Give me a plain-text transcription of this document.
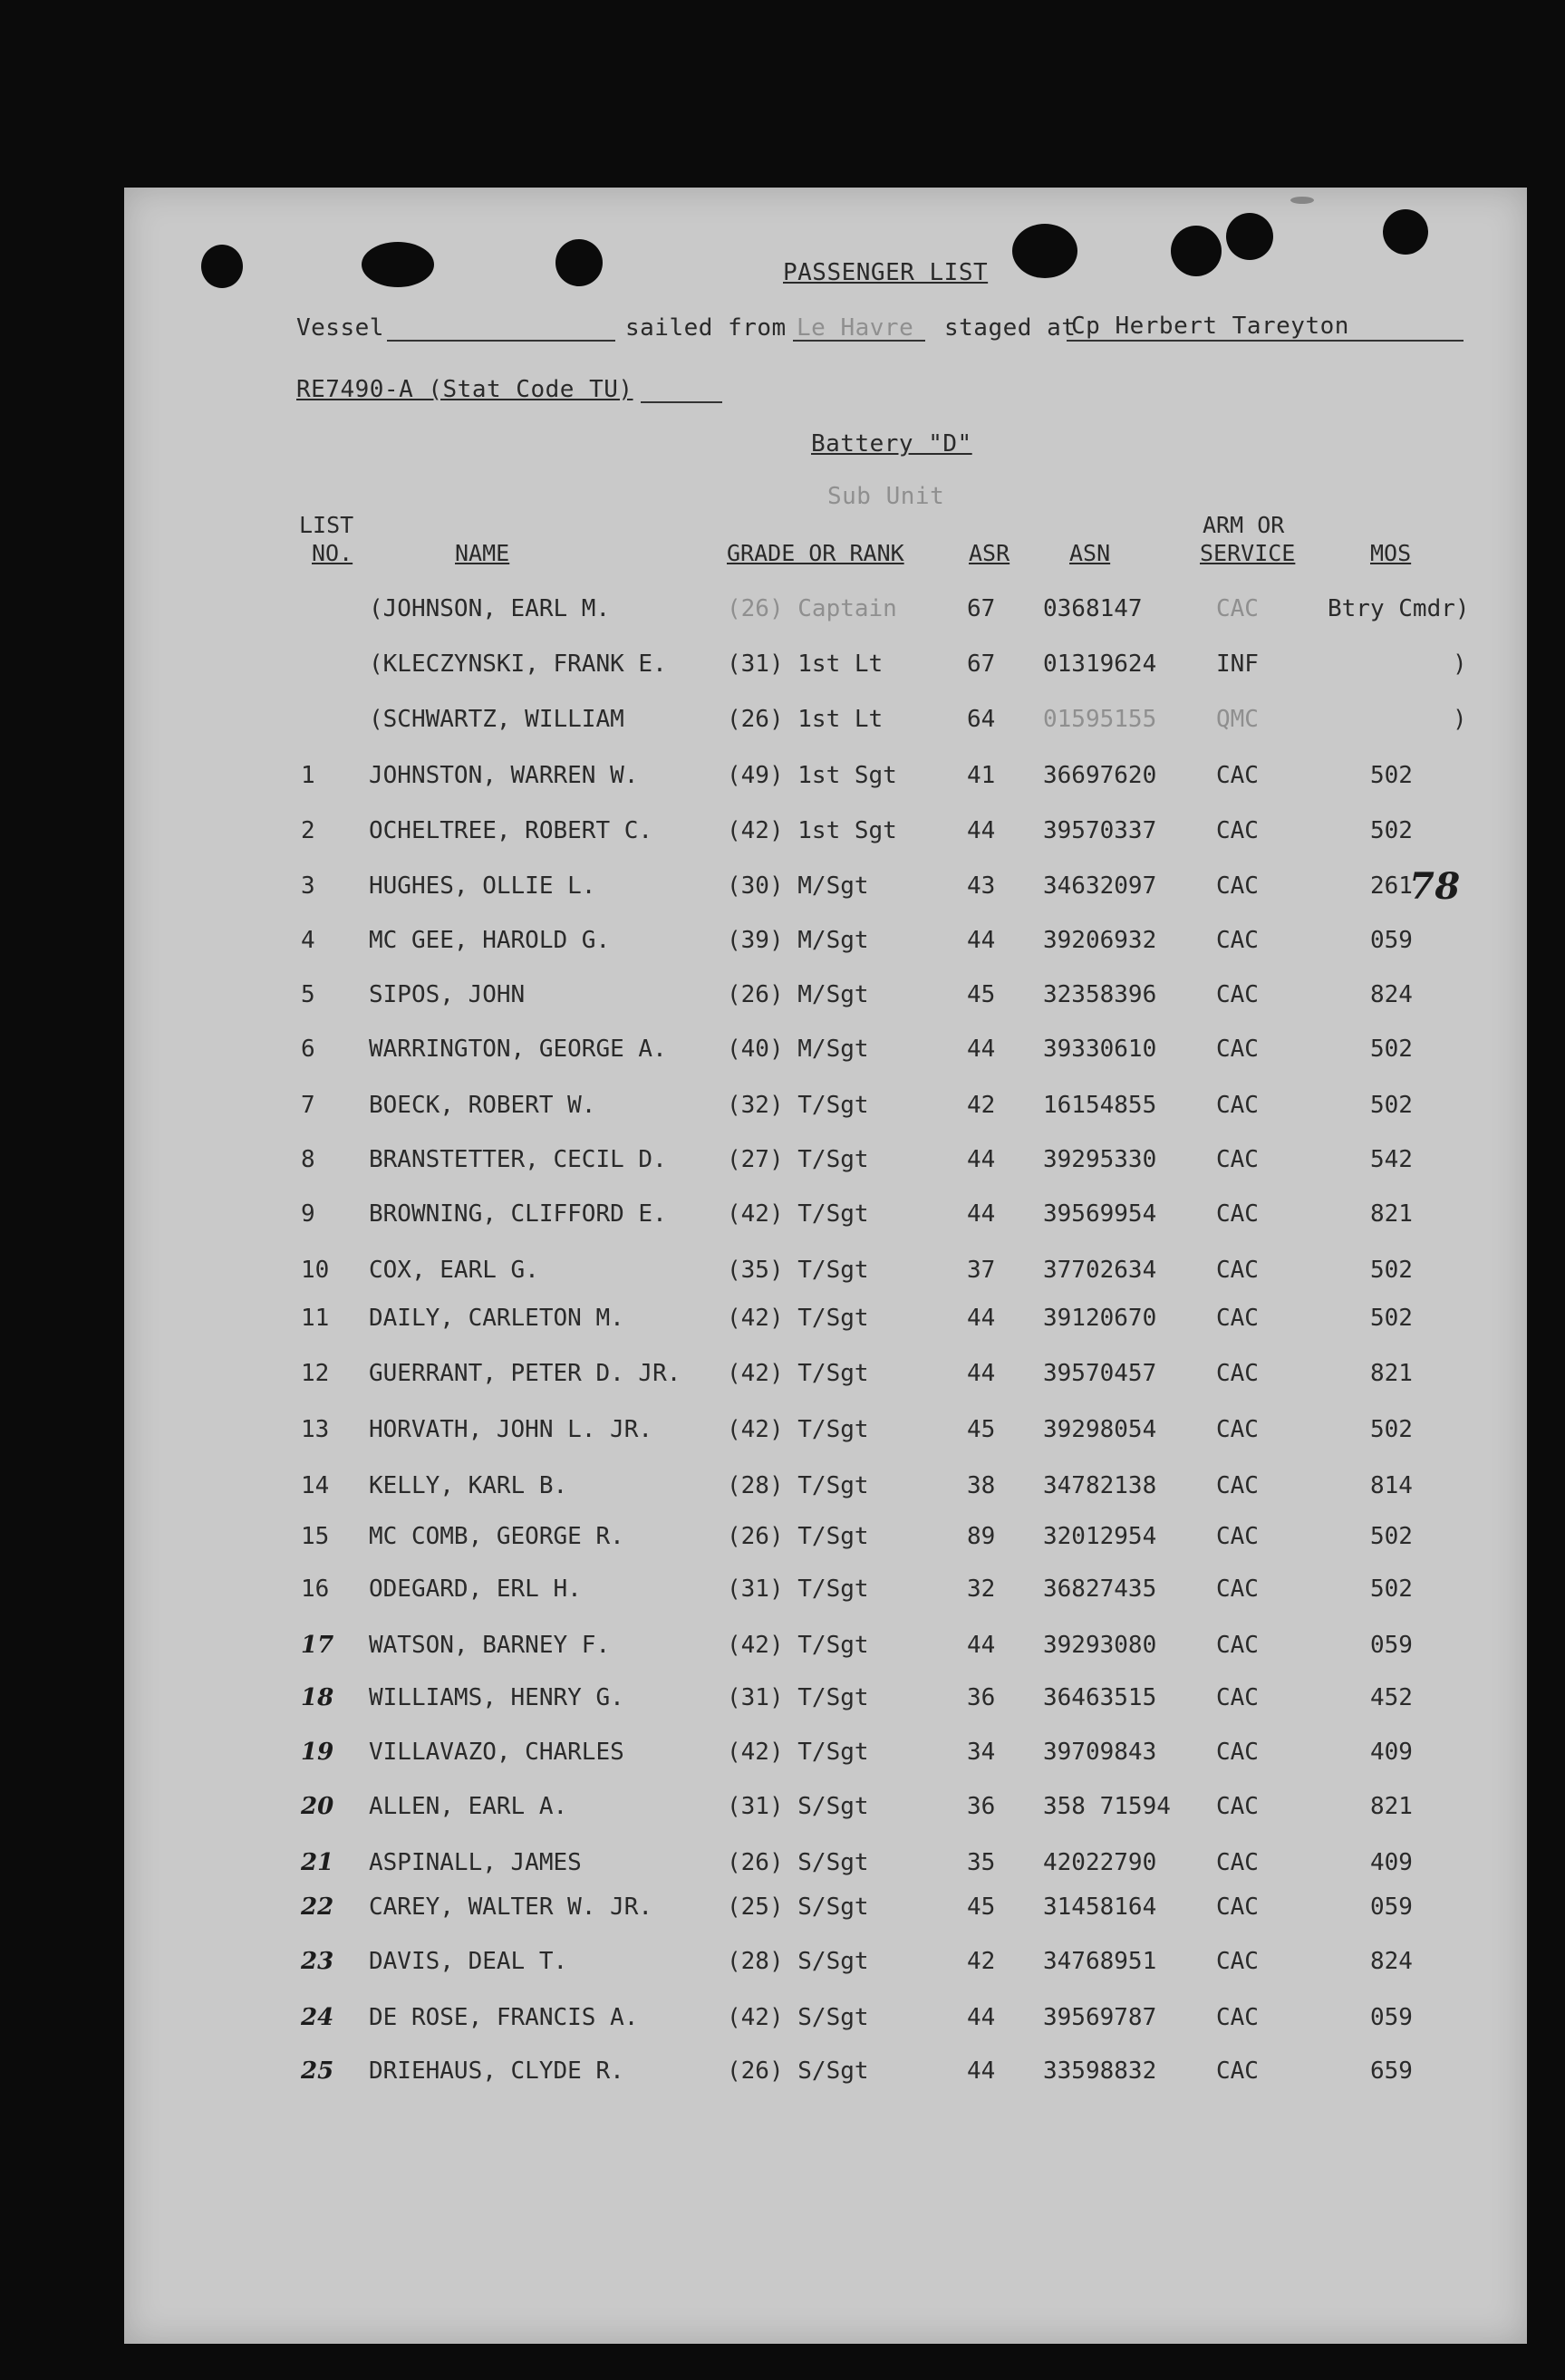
PASSENGER LIST
Vessel	sailed from Le Havre staged at
Cp Herbert Tareyton
RE7490-A (Stat Code TU)
Battery "D"
Sub Unit
LIST
NO.	NAME	GRADE OR RANK	ASR	ASN
ARM OR
SERVICE	MOS
(JOHNSON, EARL M.	(26) Captain	67 0368147	CAC	Btry Cmdr)
(KLECZYNSKI, FRANK E.	(31) 1st Lt	67 01319624	INF	)
(SCHWARTZ, WILLIAM	(26) 1st Lt	64 01595155	QMC	)
1 JOHNSTON, WARREN W.	(49) 1st Sgt	41 36697620	CAC	502
2 OCHELTREE, ROBERT C.	(42) 1st Sgt	44 39570337	CAC	502
3 HUGHES, OLLIE L.	(30) M/Sgt	43 34632097	CAC	261
4 MC GEE, HAROLD G.	(39) M/Sgt	44 39206932	CAC	059
5 SIPOS, JOHN	(26) M/Sgt	45 32358396	CAC	824
6 WARRINGTON, GEORGE A.	(40) M/Sgt	44 39330610	CAC	502
7 BOECK, ROBERT W.	(32) T/Sgt	42 16154855	CAC	502
8 BRANSTETTER, CECIL D.	(27) T/Sgt	44 39295330	CAC	542
9 BROWNING, CLIFFORD E.	(42) T/Sgt	44 39569954	CAC	821
10 COX, EARL G.	(35) T/Sgt	37 37702634	CAC	502
11 DAILY, CARLETON M.	(42) T/Sgt	44 39120670	CAC	502
12 GUERRANT, PETER D. JR. (42) T/Sgt	44 39570457	CAC	821
13 HORVATH, JOHN L. JR.	(42) T/Sgt	45 39298054	CAC	502
14 KELLY, KARL B.	(28) T/Sgt	38 34782138	CAC	814
15 MC COMB, GEORGE R.	(26) T/Sgt	89 32012954	CAC	502
16 ODEGARD, ERL H.	(31) T/Sgt	32 36827435	CAC	502
17 WATSON, BARNEY F.	(42) T/Sgt	44 39293080	CAC	059
18 WILLIAMS, HENRY G.	(31) T/Sgt	36 36463515	CAC	452
19 VILLAVAZO, CHARLES	(42) T/Sgt	34 39709843	CAC	409
20 ALLEN, EARL A.	(31) S/Sgt	36 358 71594 CAC	821
21 ASPINALL, JAMES	(26) S/Sgt	35 42022790	CAC	409
22 CAREY, WALTER W. JR.	(25) S/Sgt	45 31458164	CAC	059
23 DAVIS, DEAL T.	(28) S/Sgt	42 34768951	CAC	824
24 DE ROSE, FRANCIS A.	(42) S/Sgt	44 39569787	CAC	059
25 DRIEHAUS, CLYDE R.	(26) S/Sgt	44 33598832	CAC	659
78
